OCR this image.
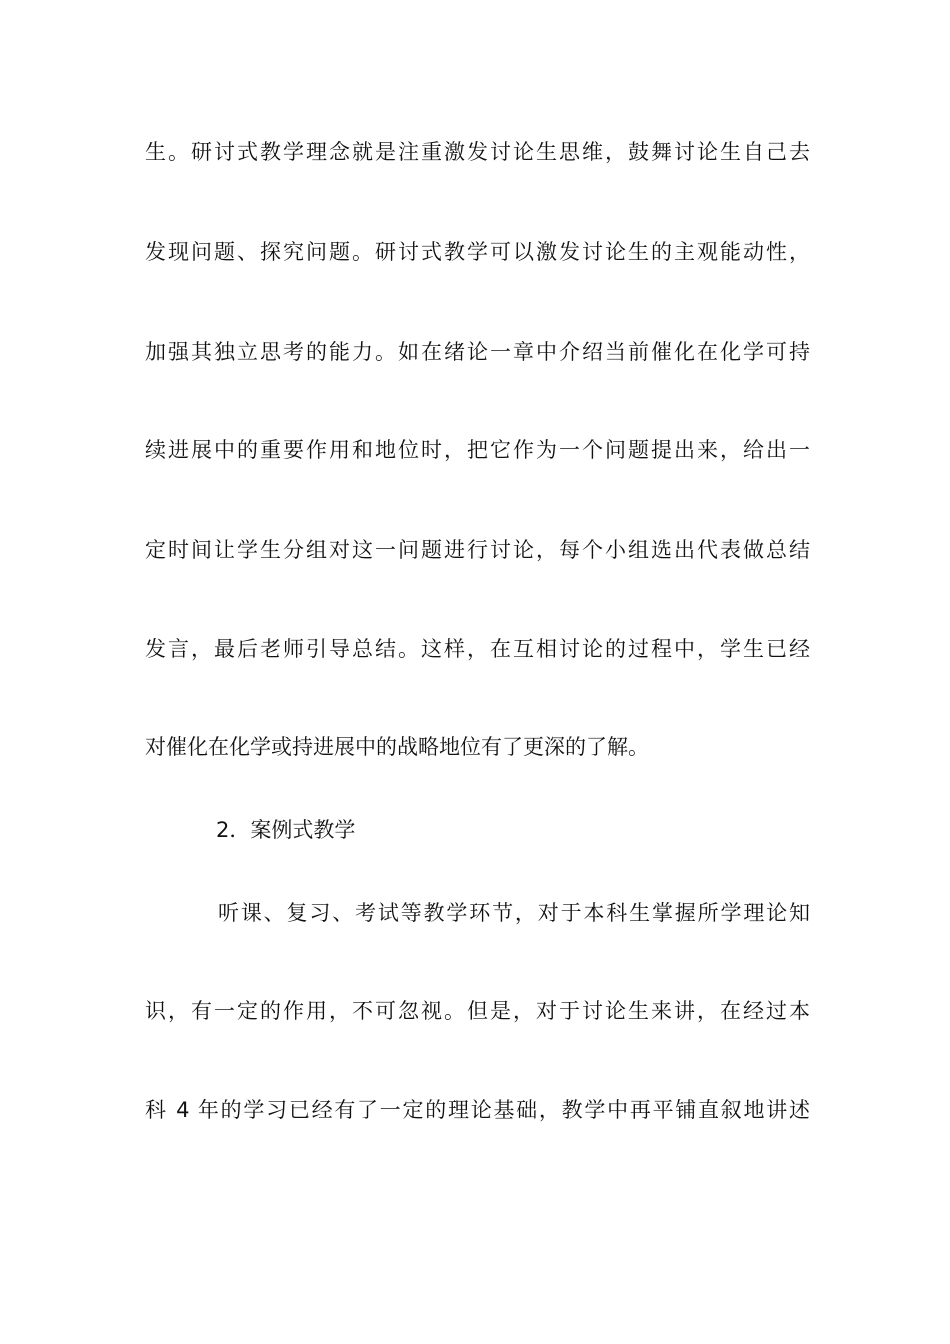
生。研讨式教学理念就是注重激发讨论生思维，鼓舞讨论生自己去
发现问题、探究问题。研讨式教学可以激发讨论生的主观能动性，
加强其独立思考的能力。如在绪论一章中介绍当前催化在化学可持
续进展中的重要作用和地位时，把它作为一个问题提出来，给出一
定时间让学生分组对这一问题进行讨论，每个小组选出代表做总结
发言，最后老师引导总结。这样，在互相讨论的过程中，学生已经
对催化在化学或持进展中的战略地位有了更深的了解。
2．案例式教学
听课、复习、考试等教学环节，对于本科生掌握所学理论知
识，有一定的作用，不可忽视。但是，对于讨论生来讲，在经过本
科 4 年的学习已经有了一定的理论基础，教学中再平铺直叙地讲述
